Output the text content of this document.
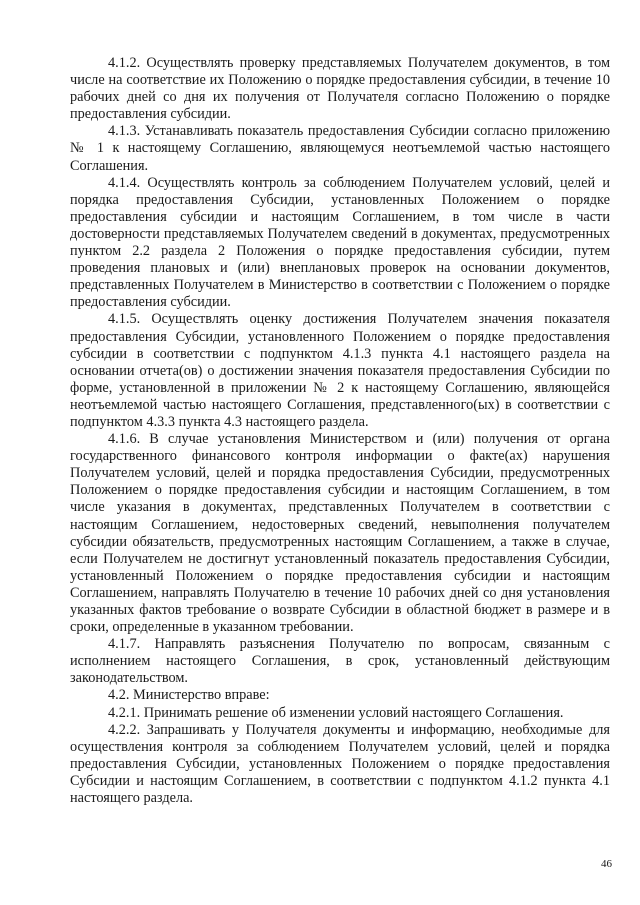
4.1.2. Осуществлять проверку представляемых Получателем документов, в том числе на соответствие их Положению о порядке предоставления субсидии, в течение 10 рабочих дней со дня их получения от Получателя согласно Положению о порядке предоставления субсидии.

4.1.3. Устанавливать показатель предоставления Субсидии согласно приложению № 1 к настоящему Соглашению, являющемуся неотъемлемой частью настоящего Соглашения.

4.1.4. Осуществлять контроль за соблюдением Получателем условий, целей и порядка предоставления Субсидии, установленных Положением о порядке предоставления субсидии и настоящим Соглашением, в том числе в части достоверности представляемых Получателем сведений в документах, предусмотренных пунктом 2.2 раздела 2 Положения о порядке предоставления субсидии, путем проведения плановых и (или) внеплановых проверок на основании документов, представленных Получателем в Министерство в соответствии с Положением о порядке предоставления субсидии.

4.1.5. Осуществлять оценку достижения Получателем значения показателя предоставления Субсидии, установленного Положением о порядке предоставления субсидии в соответствии с подпунктом 4.1.3 пункта 4.1 настоящего раздела на основании отчета(ов) о достижении значения показателя предоставления Субсидии по форме, установленной в приложении № 2 к настоящему Соглашению, являющейся неотъемлемой частью настоящего Соглашения, представленного(ых) в соответствии с подпунктом 4.3.3 пункта 4.3 настоящего раздела.

4.1.6. В случае установления Министерством и (или) получения от органа государственного финансового контроля информации о факте(ах) нарушения Получателем условий, целей и порядка предоставления Субсидии, предусмотренных Положением о порядке предоставления субсидии и настоящим Соглашением, в том числе указания в документах, представленных Получателем в соответствии с настоящим Соглашением, недостоверных сведений, невыполнения получателем субсидии обязательств, предусмотренных настоящим Соглашением, а также в случае, если Получателем не достигнут установленный показатель предоставления Субсидии, установленный Положением о порядке предоставления субсидии и настоящим Соглашением, направлять Получателю в течение 10 рабочих дней со дня установления указанных фактов требование о возврате Субсидии в областной бюджет в размере и в сроки, определенные в указанном требовании.

4.1.7. Направлять разъяснения Получателю по вопросам, связанным с исполнением настоящего Соглашения, в срок, установленный действующим законодательством.

4.2. Министерство вправе:

4.2.1. Принимать решение об изменении условий настоящего Соглашения.

4.2.2. Запрашивать у Получателя документы и информацию, необходимые для осуществления контроля за соблюдением Получателем условий, целей и порядка предоставления Субсидии, установленных Положением о порядке предоставления Субсидии и настоящим Соглашением, в соответствии с подпунктом 4.1.2 пункта 4.1 настоящего раздела.

46
